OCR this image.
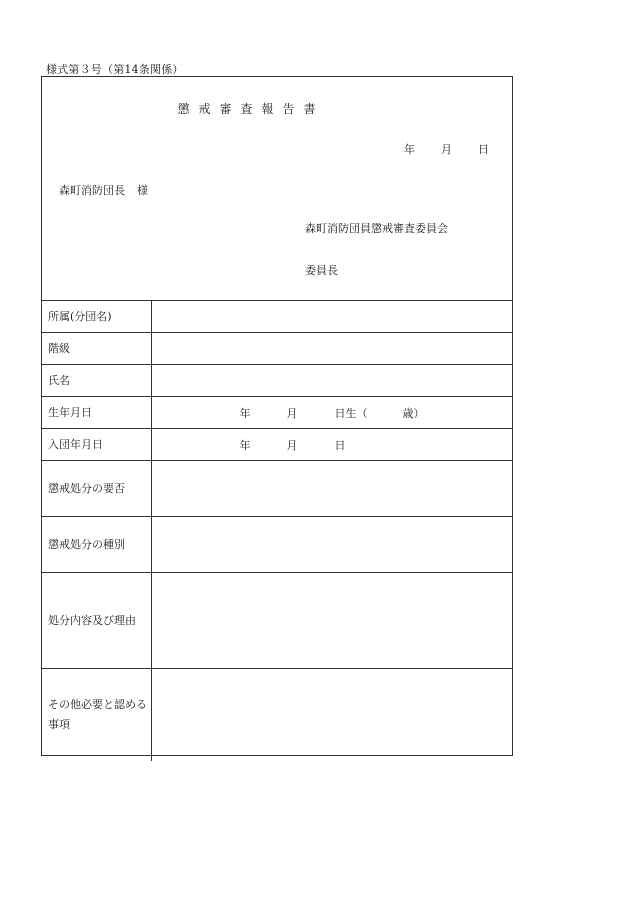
様式第３号（第14条関係）
懲戒審査報告書
年 月 日
森町消防団長 様
森町消防団員懲戒審査委員会
委員長
所属(分団名)	
階級	
氏名	
生年月日	年 月 日生（ 歳）

入団年月日	年 月 日

懲戒処分の要否	
懲戒処分の種別	
処分内容及び理由	
その他必要と認める事項	
